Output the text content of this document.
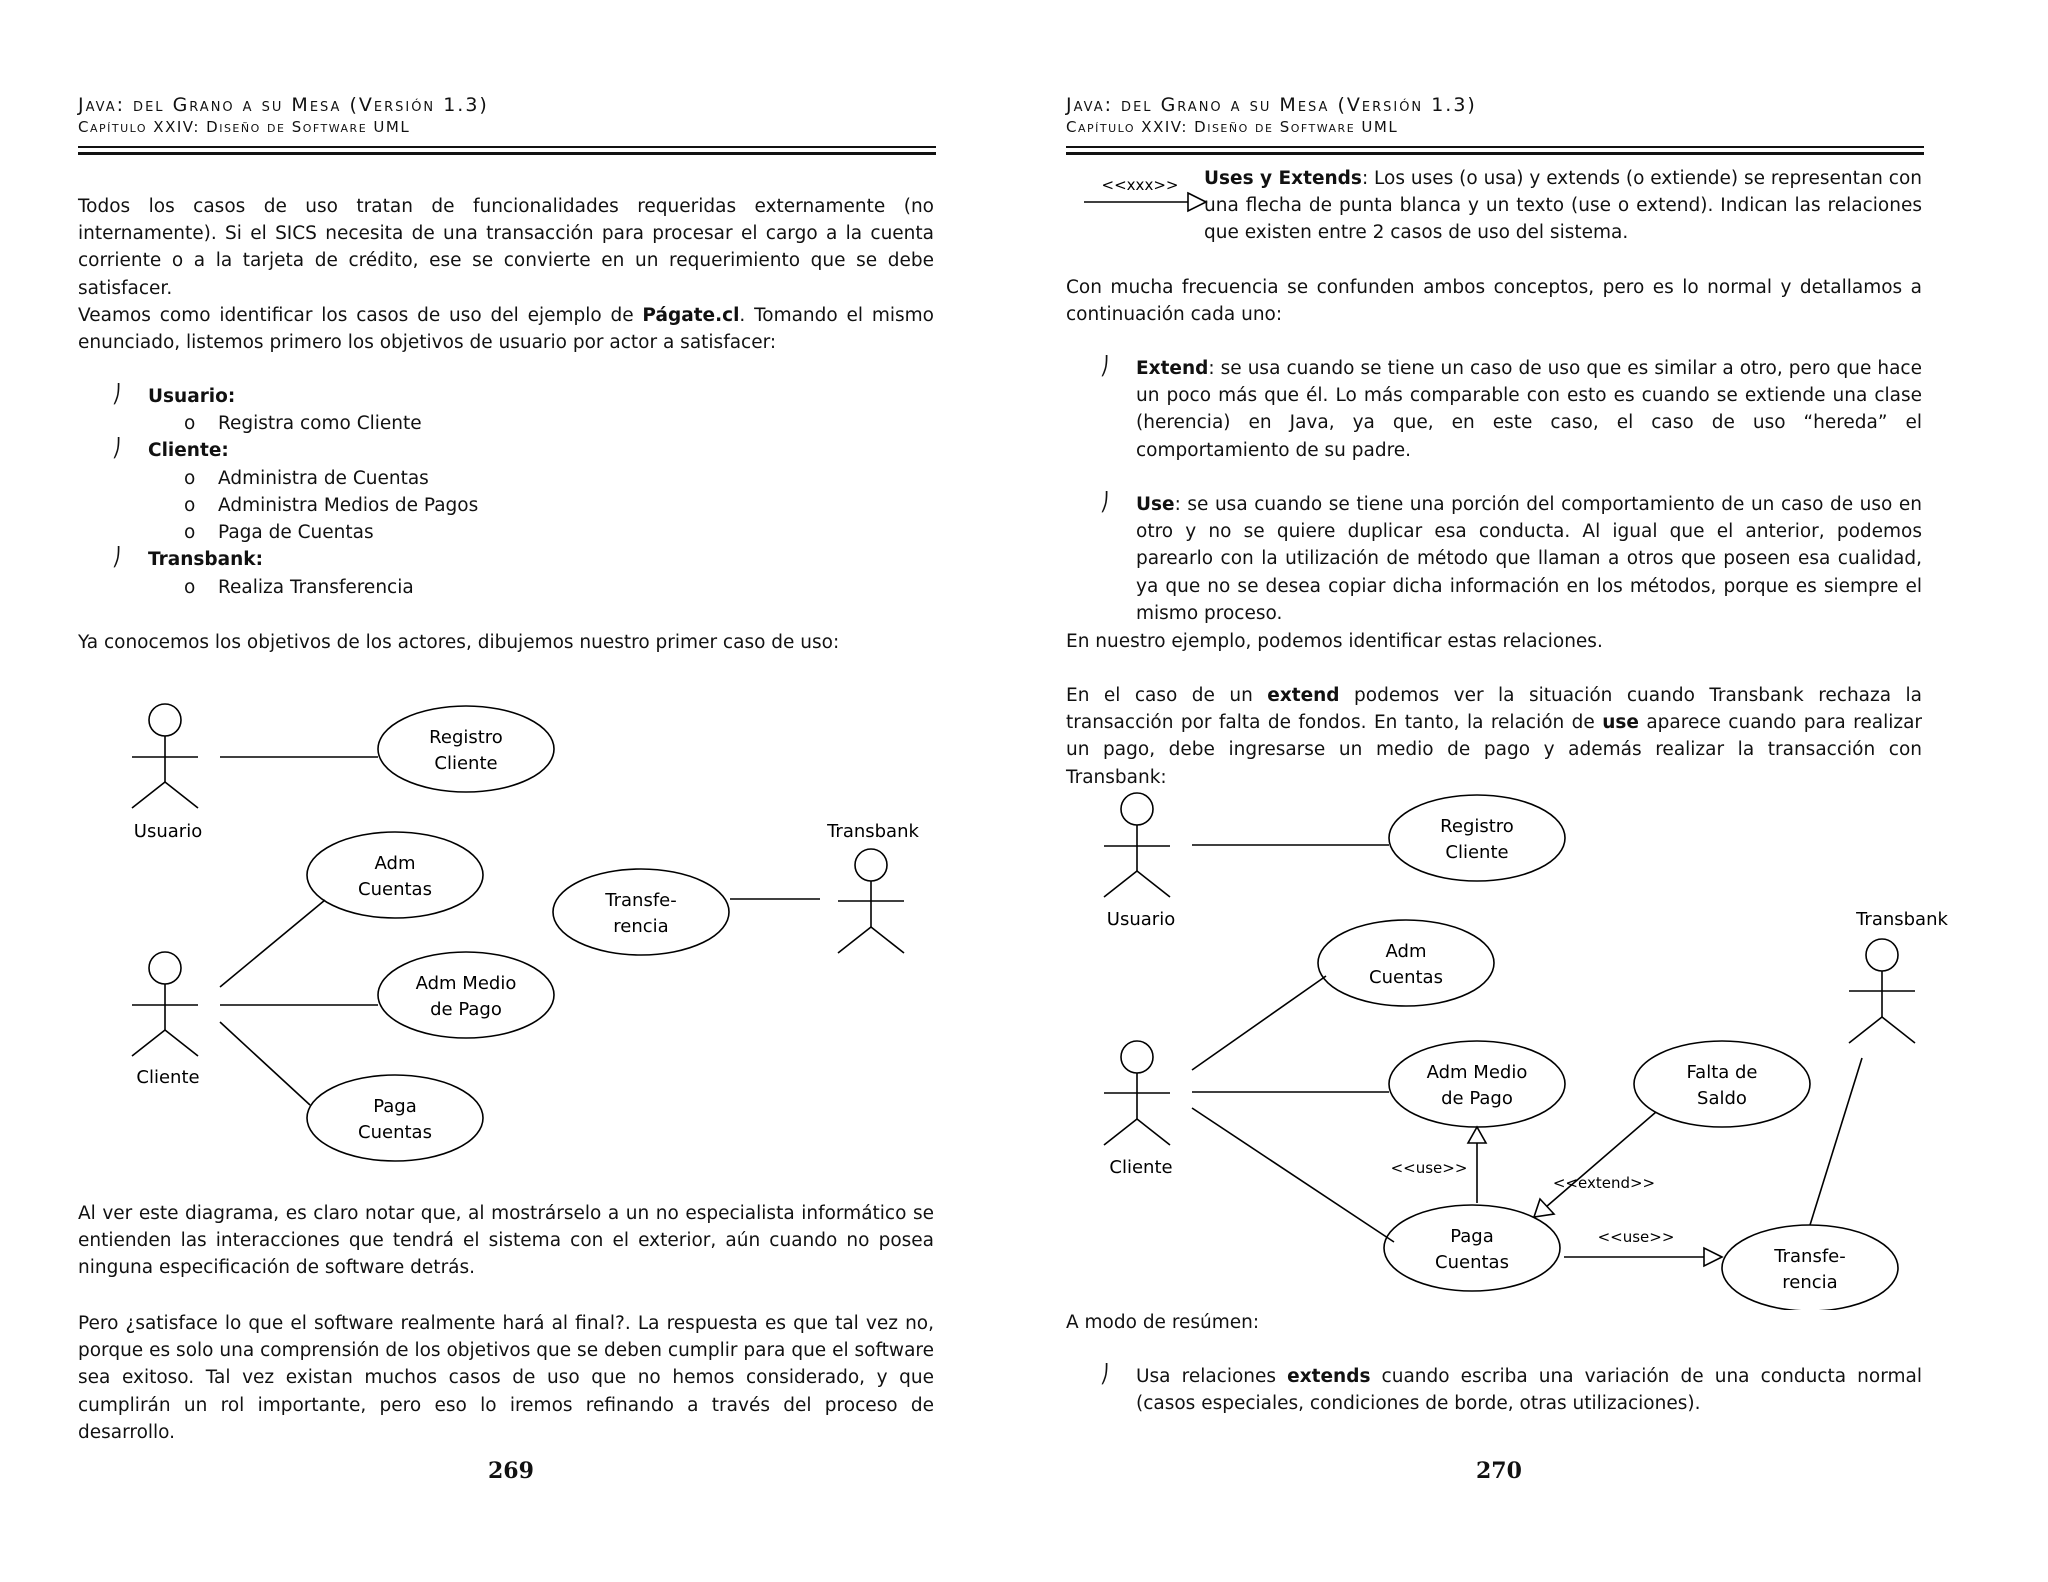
Java: del Grano a su Mesa (Versión 1.3)
Capítulo XXIV: Diseño de Software UML
Todos los casos de uso tratan de funcionalidades requeridas externamente (no internamente). Si el SICS necesita de una transacción para procesar el cargo a la cuenta corriente o a la tarjeta de crédito, ese se convierte en un requerimiento que se debe satisfacer.
Veamos como identificar los casos de uso del ejemplo de Págate.cl. Tomando el mismo enunciado, listemos primero los objetivos de usuario por actor a satisfacer:
⎠ Usuario:
o Registra como Cliente
⎠ Cliente:
o Administra de Cuentas
o Administra Medios de Pagos
o Paga de Cuentas
⎠ Transbank:
o Realiza Transferencia
Ya conocemos los objetivos de los actores, dibujemos nuestro primer caso de uso:
Usuario
Cliente
Transbank
Registro
Cliente
Adm
Cuentas
Adm Medio
de Pago
Paga
Cuentas
Transfe-
rencia
Al ver este diagrama, es claro notar que, al mostrárselo a un no especialista informático se entienden las interacciones que tendrá el sistema con el exterior, aún cuando no posea ninguna especificación de software detrás.
Pero ¿satisface lo que el software realmente hará al final?. La respuesta es que tal vez no, porque es solo una comprensión de los objetivos que se deben cumplir para que el software sea exitoso. Tal vez existan muchos casos de uso que no hemos considerado, y que cumplirán un rol importante, pero eso lo iremos refinando a través del proceso de desarrollo.
269
Java: del Grano a su Mesa (Versión 1.3)
Capítulo XXIV: Diseño de Software UML
<<xxx>> Uses y Extends: Los uses (o usa) y extends (o extiende) se representan con una flecha de punta blanca y un texto (use o extend). Indican las relaciones que existen entre 2 casos de uso del sistema.
Con mucha frecuencia se confunden ambos conceptos, pero es lo normal y detallamos a continuación cada uno:
⎠ Extend: se usa cuando se tiene un caso de uso que es similar a otro, pero que hace un poco más que él. Lo más comparable con esto es cuando se extiende una clase (herencia) en Java, ya que, en este caso, el caso de uso “hereda” el comportamiento de su padre.
⎠ Use: se usa cuando se tiene una porción del comportamiento de un caso de uso en otro y no se quiere duplicar esa conducta. Al igual que el anterior, podemos parearlo con la utilización de método que llaman a otros que poseen esa cualidad, ya que no se desea copiar dicha información en los métodos, porque es siempre el mismo proceso.
En nuestro ejemplo, podemos identificar estas relaciones.
En el caso de un extend podemos ver la situación cuando Transbank rechaza la transacción por falta de fondos. En tanto, la relación de use aparece cuando para realizar un pago, debe ingresarse un medio de pago y además realizar la transacción con Transbank:
Usuario
Cliente
Transbank
Registro
Cliente
Adm
Cuentas
Adm Medio
de Pago
Falta de
Saldo
Paga
Cuentas	Transfe-
rencia
<<use>>
<<extend>>
<<use>>
A modo de resúmen:
⎠ Usa relaciones extends cuando escriba una variación de una conducta normal (casos especiales, condiciones de borde, otras utilizaciones).
270
